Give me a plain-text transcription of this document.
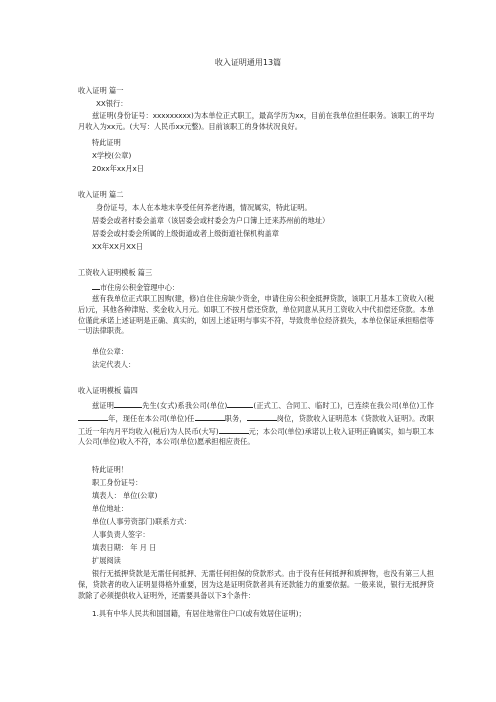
收入证明通用13篇
收入证明 篇一
XX银行：
兹证明(身份证号：xxxxxxxxx)为本单位正式职工，最高学历为xx，目前在我单位担任职务。该职工的平均月收入为xx元。(大写：人民币xx元整)。目前该职工的身体状况良好。
特此证明
X学校(公章)
20xx年xx月x日
收入证明 篇二
身份证号，本人在本地未享受任何养老待遇，情况属实，特此证明。
居委会或者村委会盖章（该居委会或村委会为户口簿上迁来苏州前的地址）
居委会或村委会所属的上级街道或者上级街道社保机构盖章
XX年XX月XX日
工资收入证明模板 篇三
市住房公积金管理中心：
兹有我单位正式职工因购(建，修)自住住房缺少资金，申请住房公积金抵押贷款，该职工月基本工资收入(税后)元，其他各种津贴、奖金收入月元。如职工不按月偿还贷款，单位同意从其月工资收入中代扣偿还贷款。本单位谨此承诺上述证明是正确、真实的，如因上述证明与事实不符，导致贵单位经济损失，本单位保证承担赔偿等一切法律职责。
单位公章：
法定代表人：
收入证明模板 篇四
兹证明	先生(女式)系我公司(单位)	(正式工、合同工、临时工)，已连续在我公司(单位)工作年，现任在本公司(单位)任	职务，	岗位，贷款收入证明范本《贷款收入证明》。改职工近一年内月平均收入(税后)为人民币(大写)	元；本公司(单位)承诺以上收入证明正确属实，如与职工本人公司(单位)收入不符，本公司(单位)愿承担相应责任。
特此证明！
职工身份证号：
填表人： 单位(公章)
单位地址：
单位(人事劳资部门)联系方式：
人事负责人签字：
填表日期： 年 月 日
扩展阅读
银行无抵押贷款是无需任何抵押、无需任何担保的贷款形式。由于没有任何抵押和质押物，也没有第三人担保，贷款者的收入证明显得格外重要，因为这是证明贷款者具有还款能力的重要依据。一般来说，银行无抵押贷款除了必须提供收入证明外，还需要具备以下3个条件：
1.具有中华人民共和国国籍，有居住地常住户口(或有效居住证明)；
